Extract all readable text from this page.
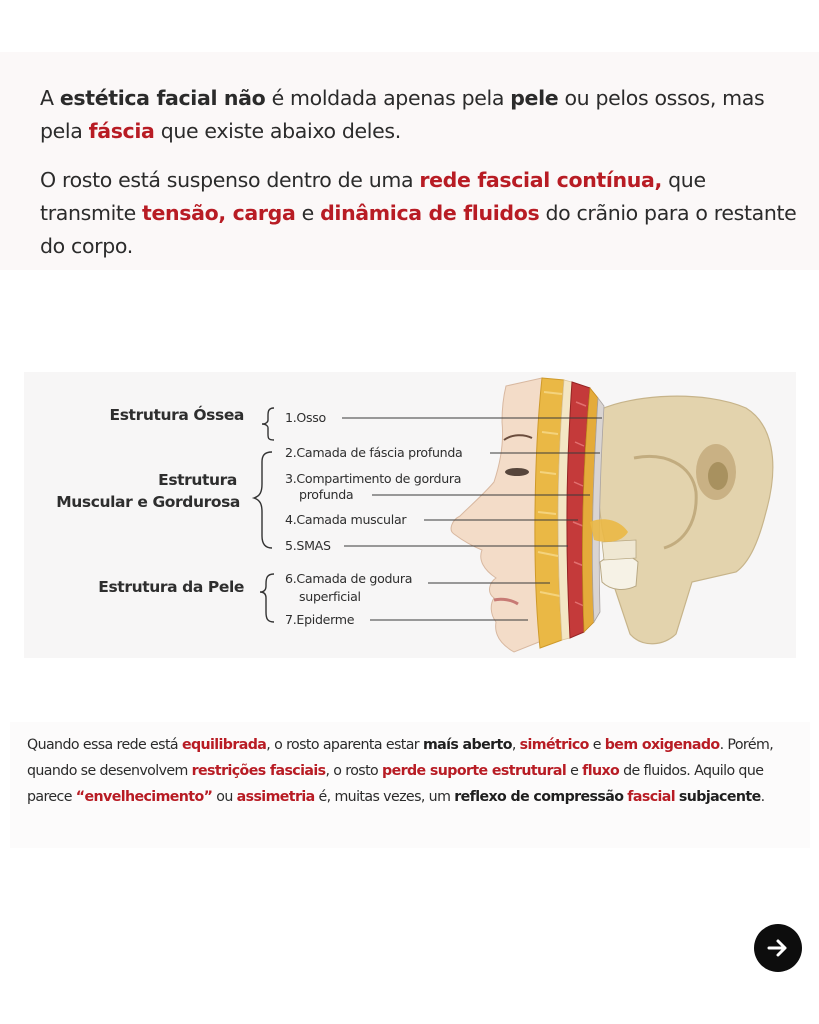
A estética facial não é moldada apenas pela pele ou pelos ossos, mas pela fáscia que existe abaixo deles.

O rosto está suspenso dentro de uma rede fascial contínua, que transmite tensão, carga e dinâmica de fluidos do crãnio para o restante do corpo.

Estrutura Óssea
Estrutura
Muscular e Gordurosa
Estrutura da Pele
1.Osso
2.Camada de fáscia profunda
3.Compartimento de gordura
profunda
4.Camada muscular
5.SMAS
6.Camada de godura
superficial
7.Epiderme

Quando essa rede está equilibrada, o rosto aparenta estar maís aberto, simétrico e bem oxigenado. Porém, quando se desenvolvem restrições fasciais, o rosto perde suporte estrutural e fluxo de fluidos. Aquilo que parece “envelhecimento” ou assimetria é, muitas vezes, um reflexo de compressão fascial subjacente.
